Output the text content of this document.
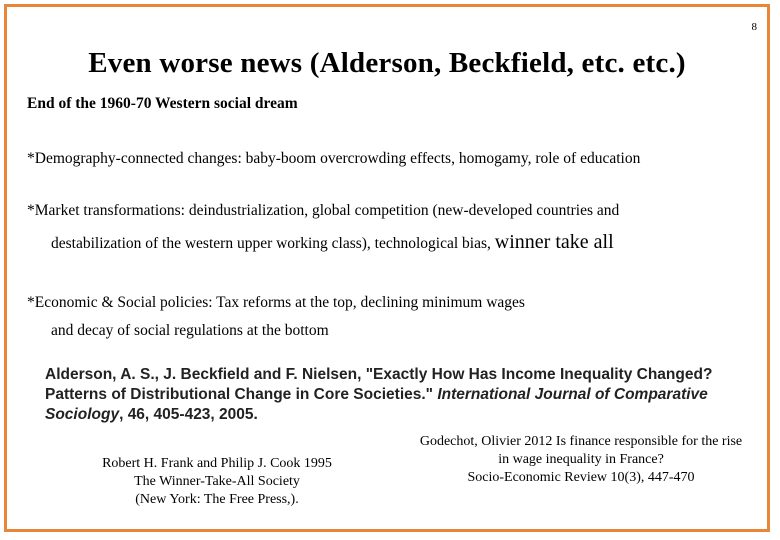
8
Even worse news (Alderson, Beckfield, etc. etc.)
End of the 1960-70 Western social dream
*Demography-connected changes: baby-boom overcrowding effects, homogamy, role of education
*Market transformations: deindustrialization, global competition (new-developed countries and
destabilization of the western upper working class), technological bias, winner take all
*Economic & Social policies: Tax reforms at the top, declining minimum wages
and decay of social regulations at the bottom
Alderson, A. S., J. Beckfield and F. Nielsen, "Exactly How Has Income Inequality Changed? Patterns of Distributional Change in Core Societies." International Journal of Comparative Sociology, 46, 405-423, 2005.
Robert H. Frank and Philip J. Cook 1995
The Winner-Take-All Society
(New York: The Free Press,).
Godechot, Olivier 2012 Is finance responsible for the rise
in wage inequality in France?
Socio-Economic Review 10(3), 447-470
